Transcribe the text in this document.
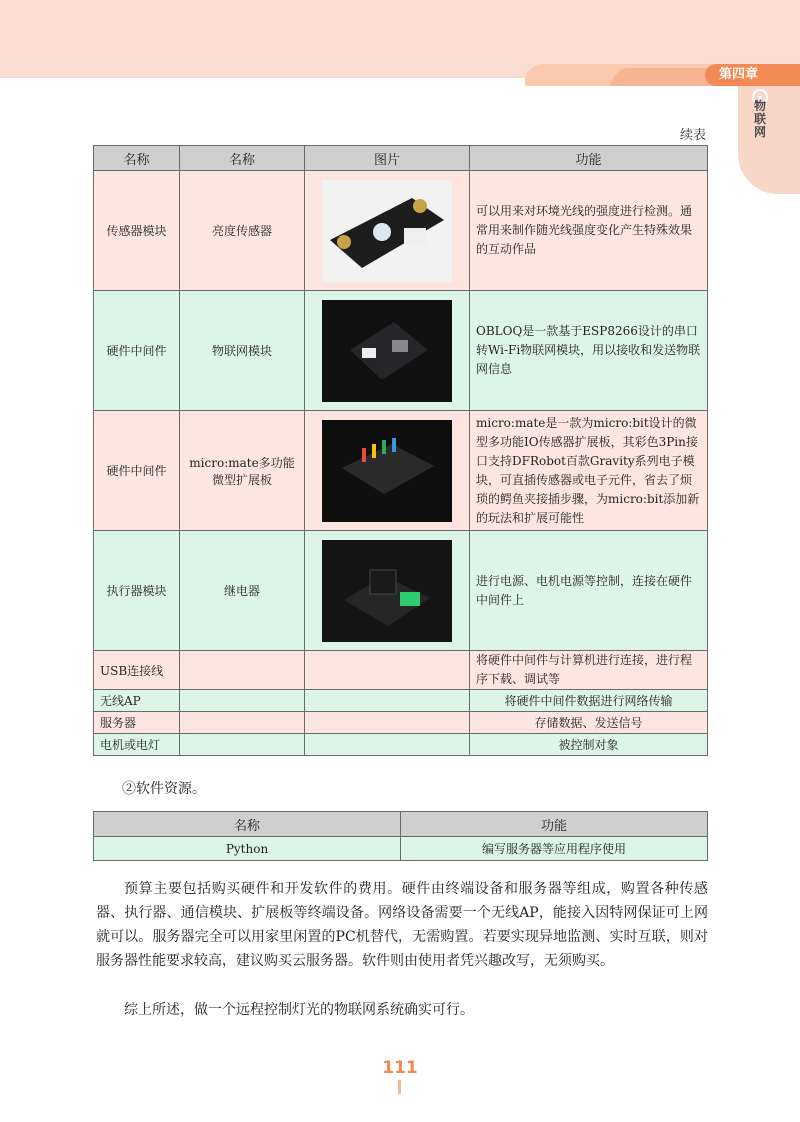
第四章
物联网
续表
名称	名称	图片	功能
传感器模块	亮度传感器		可以用来对环境光线的强度进行检测。通常用来制作随光线强度变化产生特殊效果的互动作品
硬件中间件	物联网模块		OBLOQ是一款基于ESP8266设计的串口转Wi-Fi物联网模块，用以接收和发送物联网信息
硬件中间件	micro:mate多功能微型扩展板		micro:mate是一款为micro:bit设计的微型多功能IO传感器扩展板，其彩色3Pin接口支持DFRobot百款Gravity系列电子模块，可直插传感器或电子元件，省去了烦琐的鳄鱼夹接插步骤，为micro:bit添加新的玩法和扩展可能性
执行器模块	继电器		进行电源、电机电源等控制，连接在硬件中间件上
USB连接线			将硬件中间件与计算机进行连接，进行程序下载、调试等
无线AP			将硬件中间件数据进行网络传输
服务器			存储数据、发送信号
电机或电灯			被控制对象
②软件资源。
名称	功能
Python	编写服务器等应用程序使用

预算主要包括购买硬件和开发软件的费用。硬件由终端设备和服务器等组成，购置各种传感器、执行器、通信模块、扩展板等终端设备。网络设备需要一个无线AP，能接入因特网保证可上网就可以。服务器完全可以用家里闲置的PC机替代，无需购置。若要实现异地监测、实时互联，则对服务器性能要求较高，建议购买云服务器。软件则由使用者凭兴趣改写，无须购买。

综上所述，做一个远程控制灯光的物联网系统确实可行。

111
